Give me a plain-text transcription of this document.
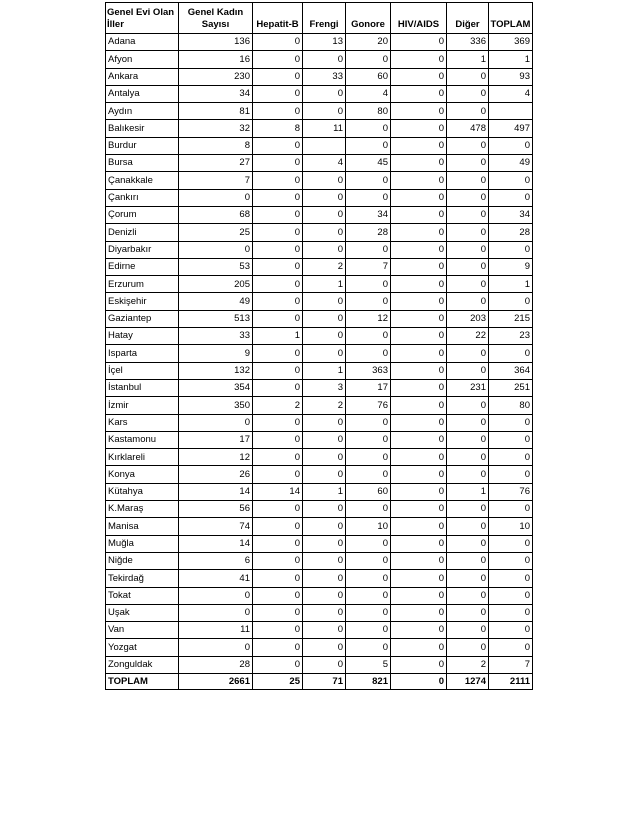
Genel Evi Olan İller	Genel Kadın Sayısı	Hepatit-B	Frengi	Gonore	HIV/AIDS	Diğer	TOPLAM
Adana	136	0	13	20	0	336	369
Afyon	16	0	0	0	0	1	1
Ankara	230	0	33	60	0	0	93
Antalya	34	0	0	4	0	0	4
Aydın	81	0	0	80	0	0	
Balıkesir	32	8	11	0	0	478	497
Burdur	8	0		0	0	0	0
Bursa	27	0	4	45	0	0	49
Çanakkale	7	0	0	0	0	0	0
Çankırı	0	0	0	0	0	0	0
Çorum	68	0	0	34	0	0	34
Denizli	25	0	0	28	0	0	28
Diyarbakır	0	0	0	0	0	0	0
Edirne	53	0	2	7	0	0	9
Erzurum	205	0	1	0	0	0	1
Eskişehir	49	0	0	0	0	0	0
Gaziantep	513	0	0	12	0	203	215
Hatay	33	1	0	0	0	22	23
Isparta	9	0	0	0	0	0	0
İçel	132	0	1	363	0	0	364
İstanbul	354	0	3	17	0	231	251
İzmir	350	2	2	76	0	0	80
Kars	0	0	0	0	0	0	0
Kastamonu	17	0	0	0	0	0	0
Kırklareli	12	0	0	0	0	0	0
Konya	26	0	0	0	0	0	0
Kütahya	14	14	1	60	0	1	76
K.Maraş	56	0	0	0	0	0	0
Manisa	74	0	0	10	0	0	10
Muğla	14	0	0	0	0	0	0
Niğde	6	0	0	0	0	0	0
Tekirdağ	41	0	0	0	0	0	0
Tokat	0	0	0	0	0	0	0
Uşak	0	0	0	0	0	0	0
Van	11	0	0	0	0	0	0
Yozgat	0	0	0	0	0	0	0
Zonguldak	28	0	0	5	0	2	7
TOPLAM	2661	25	71	821	0	1274	2111
